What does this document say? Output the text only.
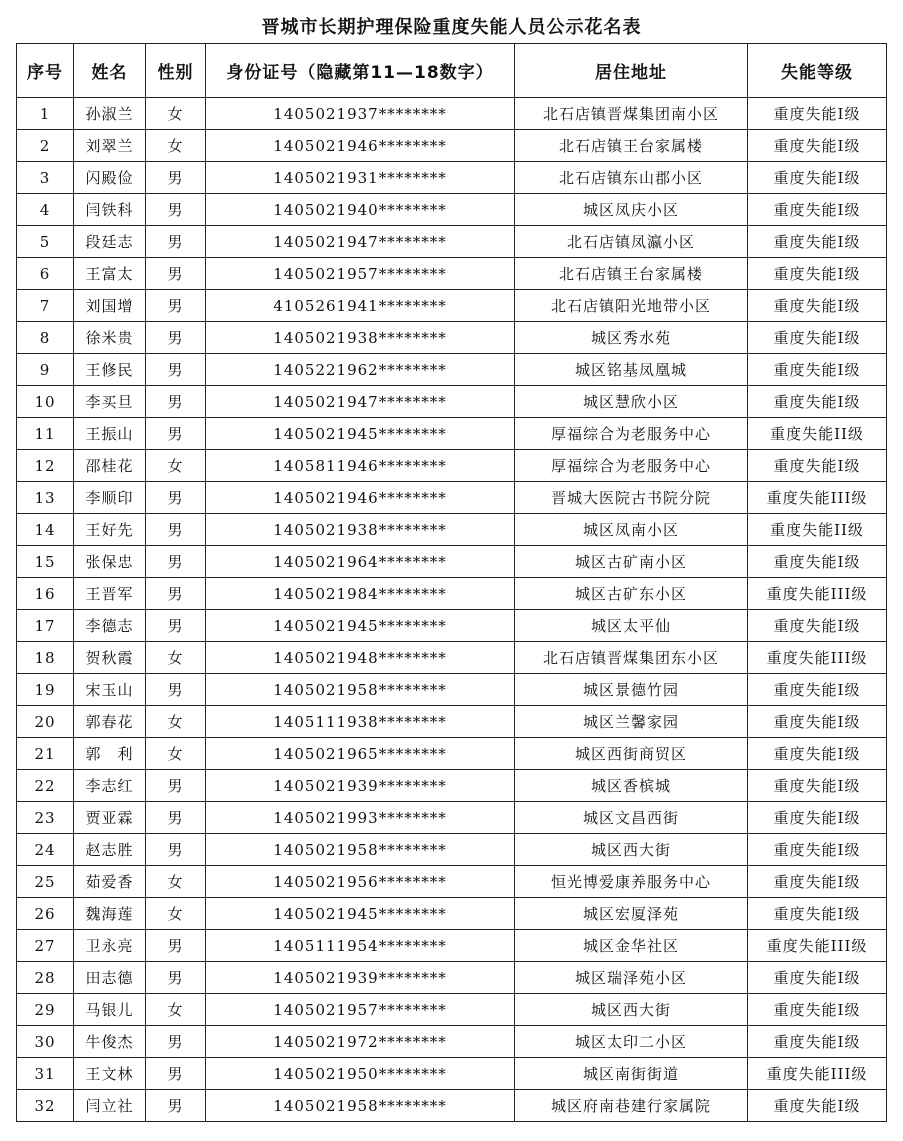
晋城市长期护理保险重度失能人员公示花名表
序号	姓名	性别	身份证号（隐藏第11—18数字）	居住地址	失能等级
1	孙淑兰	女	1405021937********	北石店镇晋煤集团南小区	重度失能Ⅰ级
2	刘翠兰	女	1405021946********	北石店镇王台家属楼	重度失能Ⅰ级
3	闪殿俭	男	1405021931********	北石店镇东山郡小区	重度失能Ⅰ级
4	闫铁科	男	1405021940********	城区凤庆小区	重度失能Ⅰ级
5	段廷志	男	1405021947********	北石店镇凤瀛小区	重度失能Ⅰ级
6	王富太	男	1405021957********	北石店镇王台家属楼	重度失能Ⅰ级
7	刘国增	男	4105261941********	北石店镇阳光地带小区	重度失能Ⅰ级
8	徐米贵	男	1405021938********	城区秀水苑	重度失能Ⅰ级
9	王修民	男	1405221962********	城区铭基凤凰城	重度失能Ⅰ级
10	李买旦	男	1405021947********	城区慧欣小区	重度失能Ⅰ级
11	王振山	男	1405021945********	厚福综合为老服务中心	重度失能II级
12	邵桂花	女	1405811946********	厚福综合为老服务中心	重度失能Ⅰ级
13	李顺印	男	1405021946********	晋城大医院古书院分院	重度失能III级
14	王好先	男	1405021938********	城区凤南小区	重度失能II级
15	张保忠	男	1405021964********	城区古矿南小区	重度失能Ⅰ级
16	王晋军	男	1405021984********	城区古矿东小区	重度失能III级
17	李德志	男	1405021945********	城区太平仙	重度失能Ⅰ级
18	贺秋霞	女	1405021948********	北石店镇晋煤集团东小区	重度失能III级
19	宋玉山	男	1405021958********	城区景德竹园	重度失能Ⅰ级
20	郭春花	女	1405111938********	城区兰馨家园	重度失能Ⅰ级
21	郭　利	女	1405021965********	城区西街商贸区	重度失能Ⅰ级
22	李志红	男	1405021939********	城区香槟城	重度失能Ⅰ级
23	贾亚霖	男	1405021993********	城区文昌西街	重度失能Ⅰ级
24	赵志胜	男	1405021958********	城区西大街	重度失能Ⅰ级
25	茹爱香	女	1405021956********	恒光博爱康养服务中心	重度失能Ⅰ级
26	魏海莲	女	1405021945********	城区宏厦泽苑	重度失能Ⅰ级
27	卫永亮	男	1405111954********	城区金华社区	重度失能III级
28	田志德	男	1405021939********	城区瑞泽苑小区	重度失能Ⅰ级
29	马银儿	女	1405021957********	城区西大街	重度失能Ⅰ级
30	牛俊杰	男	1405021972********	城区太印二小区	重度失能Ⅰ级
31	王文林	男	1405021950********	城区南街街道	重度失能III级
32	闫立社	男	1405021958********	城区府南巷建行家属院	重度失能Ⅰ级
